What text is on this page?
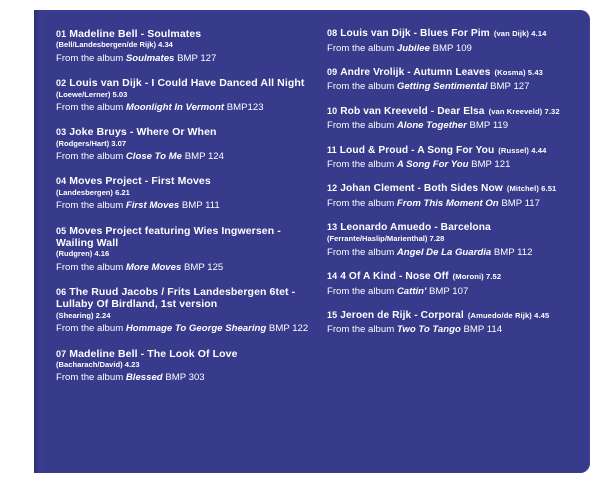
01 Madeline Bell - Soulmates
(Bell/Landesbergen/de Rijk) 4.34
From the album Soulmates BMP 127
02 Louis van Dijk - I Could Have Danced All Night
(Loewe/Lerner) 5.03
From the album Moonlight In Vermont BMP123
03 Joke Bruys - Where Or When
(Rodgers/Hart) 3.07
From the album Close To Me BMP 124
04 Moves Project - First Moves
(Landesbergen) 6.21
From the album First Moves BMP 111
05 Moves Project featuring Wies Ingwersen - Wailing Wall
(Rudgren) 4.16
From the album More Moves BMP 125
06 The Ruud Jacobs / Frits Landesbergen 6tet - Lullaby Of Birdland, 1st version
(Shearing) 2.24
From the album Hommage To George Shearing BMP 122
07 Madeline Bell - The Look Of Love
(Bacharach/David) 4.23
From the album Blessed BMP 303
08 Louis van Dijk - Blues For Pim (van Dijk) 4.14
From the album Jubilee BMP 109
09 Andre Vrolijk - Autumn Leaves (Kosma) 5.43
From the album Getting Sentimental BMP 127
10 Rob van Kreeveld - Dear Elsa (van Kreeveld) 7.32
From the album Alone Together BMP 119
11 Loud & Proud - A Song For You (Russel) 4.44
From the album A Song For You BMP 121
12 Johan Clement - Both Sides Now (Mitchel) 6.51
From the album From This Moment On BMP 117
13 Leonardo Amuedo - Barcelona
(Ferrante/Haslip/Marienthal) 7.28
From the album Angel De La Guardia BMP 112
14 4 Of A Kind - Nose Off (Moroni) 7.52
From the album Cattin' BMP 107
15 Jeroen de Rijk - Corporal (Amuedo/de Rijk) 4.45
From the album Two To Tango BMP 114
